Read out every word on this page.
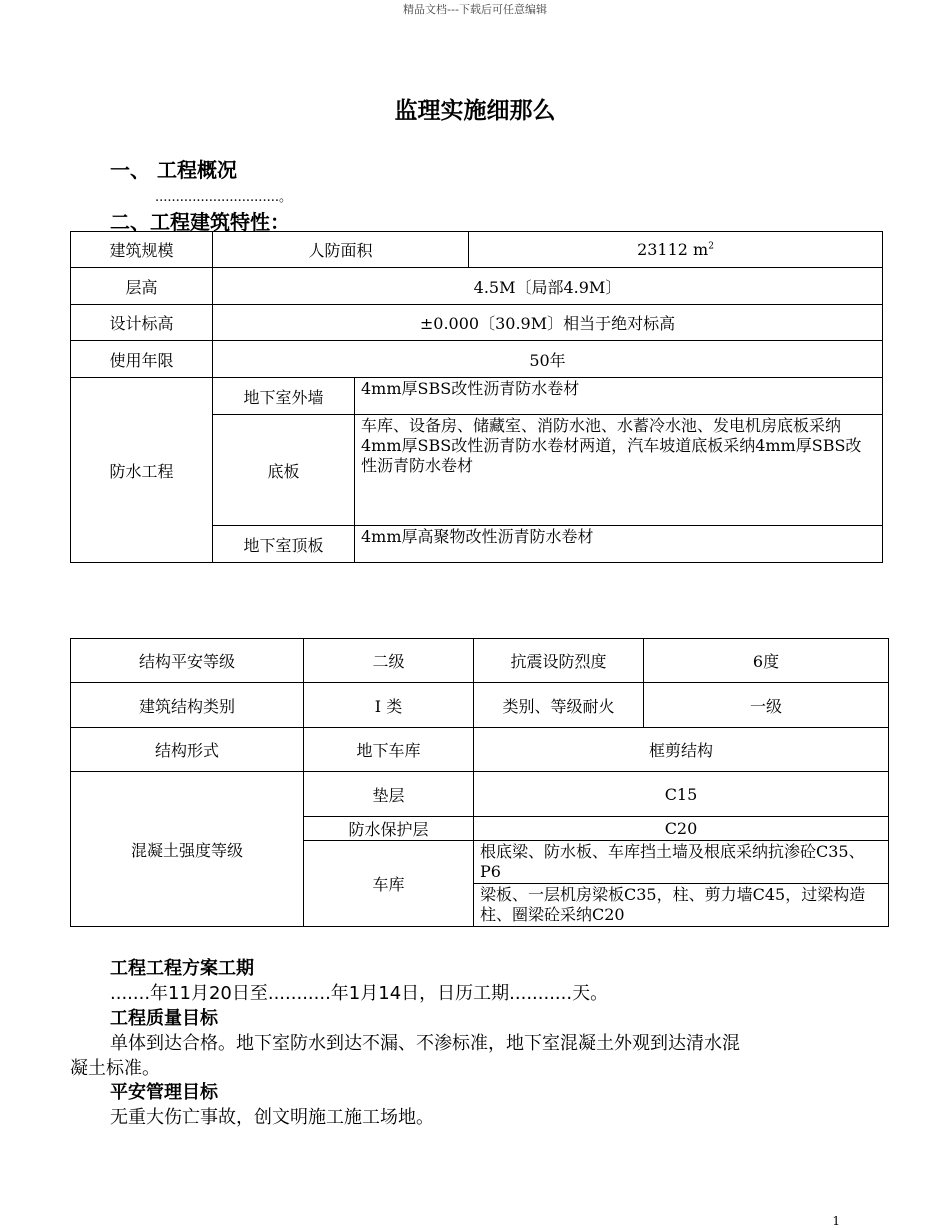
精品文档---下载后可任意编辑
监理实施细那么
一、 工程概况
..............................。
二、工程建筑特性：
建筑规模	人防面积		23112 $m^2$
层高	4.5M〔局部4.9M〕		
设计标高	±0.000〔30.9M〕相当于绝对标高		
使用年限	50年		
防水工程	地下室外墙	4mm厚SBS改性沥青防水卷材	
	底板	车库、设备房、储藏室、消防水池、水蓄冷水池、发电机房底板采纳4mm厚SBS改性沥青防水卷材两道，汽车坡道底板采纳4mm厚SBS改性沥青防水卷材	
	地下室顶板	4mm厚高聚物改性沥青防水卷材	
结构平安等级	二级	抗震设防烈度	6度
建筑结构类别	Ⅰ 类	类别、等级耐火	一级
结构形式	地下车库	框剪结构	
混凝土强度等级	垫层	C15	
	防水保护层	C20	
	车库	根底梁、防水板、车库挡土墙及根底采纳抗渗砼C35、P6	
		梁板、一层机房梁板C35，柱、剪力墙C45，过梁构造柱、圈梁砼采纳C20	
工程工程方案工期
.......年11月20日至...........年1月14日，日历工期...........天。
工程质量目标
单体到达合格。地下室防水到达不漏、不渗标准，地下室混凝土外观到达清水混
凝土标准。
平安管理目标
无重大伤亡事故，创文明施工施工场地。
1
